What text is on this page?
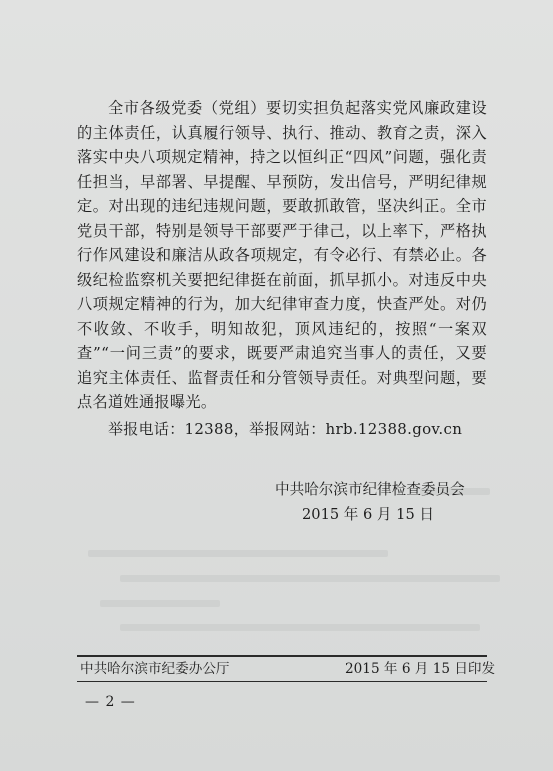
全市各级党委（党组）要切实担负起落实党风廉政建设的主体责任，认真履行领导、执行、推动、教育之责，深入落实中央八项规定精神，持之以恒纠正“四风”问题，强化责任担当，早部署、早提醒、早预防，发出信号，严明纪律规定。对出现的违纪违规问题，要敢抓敢管，坚决纠正。全市党员干部，特别是领导干部要严于律己，以上率下，严格执行作风建设和廉洁从政各项规定，有令必行、有禁必止。各级纪检监察机关要把纪律挺在前面，抓早抓小。对违反中央八项规定精神的行为，加大纪律审查力度，快查严处。对仍不收敛、不收手，明知故犯，顶风违纪的，按照“一案双查”“一问三责”的要求，既要严肃追究当事人的责任，又要追究主体责任、监督责任和分管领导责任。对典型问题，要点名道姓通报曝光。

举报电话：12388，举报网站：hrb.12388.gov.cn

中共哈尔滨市纪律检查委员会
2015 年 6 月 15 日
中共哈尔滨市纪委办公厅	2015 年 6 月 15 日印发
— 2 —
